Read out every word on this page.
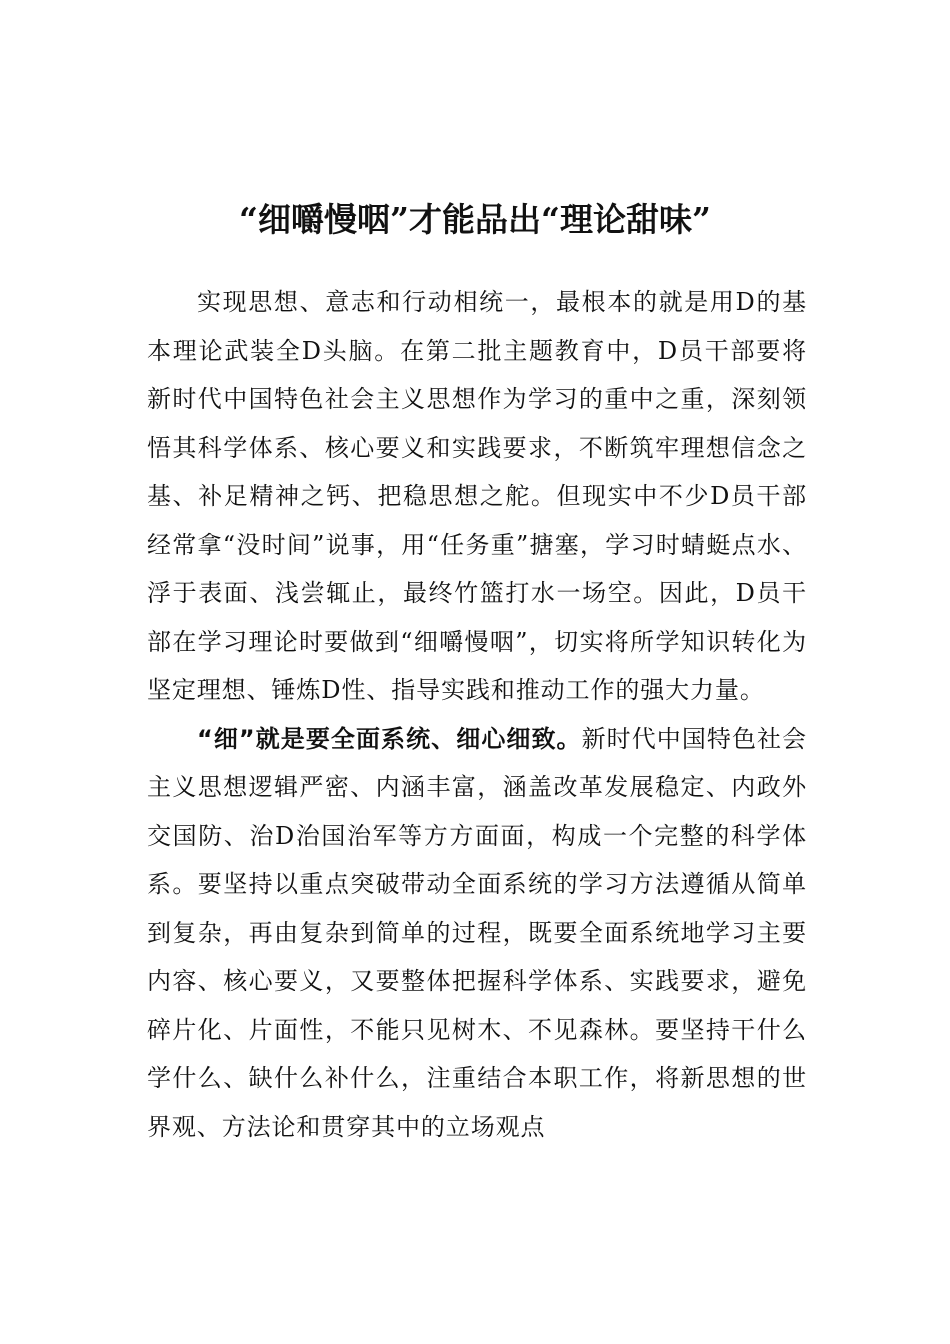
“细嚼慢咽”才能品出“理论甜味”

实现思想、意志和行动相统一，最根本的就是用D的基本理论武装全D头脑。在第二批主题教育中，D员干部要将新时代中国特色社会主义思想作为学习的重中之重，深刻领悟其科学体系、核心要义和实践要求，不断筑牢理想信念之基、补足精神之钙、把稳思想之舵。但现实中不少D员干部经常拿“没时间”说事，用“任务重”搪塞，学习时蜻蜓点水、浮于表面、浅尝辄止，最终竹篮打水一场空。因此，D员干部在学习理论时要做到“细嚼慢咽”，切实将所学知识转化为坚定理想、锤炼D性、指导实践和推动工作的强大力量。

“细”就是要全面系统、细心细致。新时代中国特色社会主义思想逻辑严密、内涵丰富，涵盖改革发展稳定、内政外交国防、治D治国治军等方方面面，构成一个完整的科学体系。要坚持以重点突破带动全面系统的学习方法遵循从简单到复杂，再由复杂到简单的过程，既要全面系统地学习主要内容、核心要义，又要整体把握科学体系、实践要求，避免碎片化、片面性，不能只见树木、不见森林。要坚持干什么学什么、缺什么补什么，注重结合本职工作，将新思想的世界观、方法论和贯穿其中的立场观点
